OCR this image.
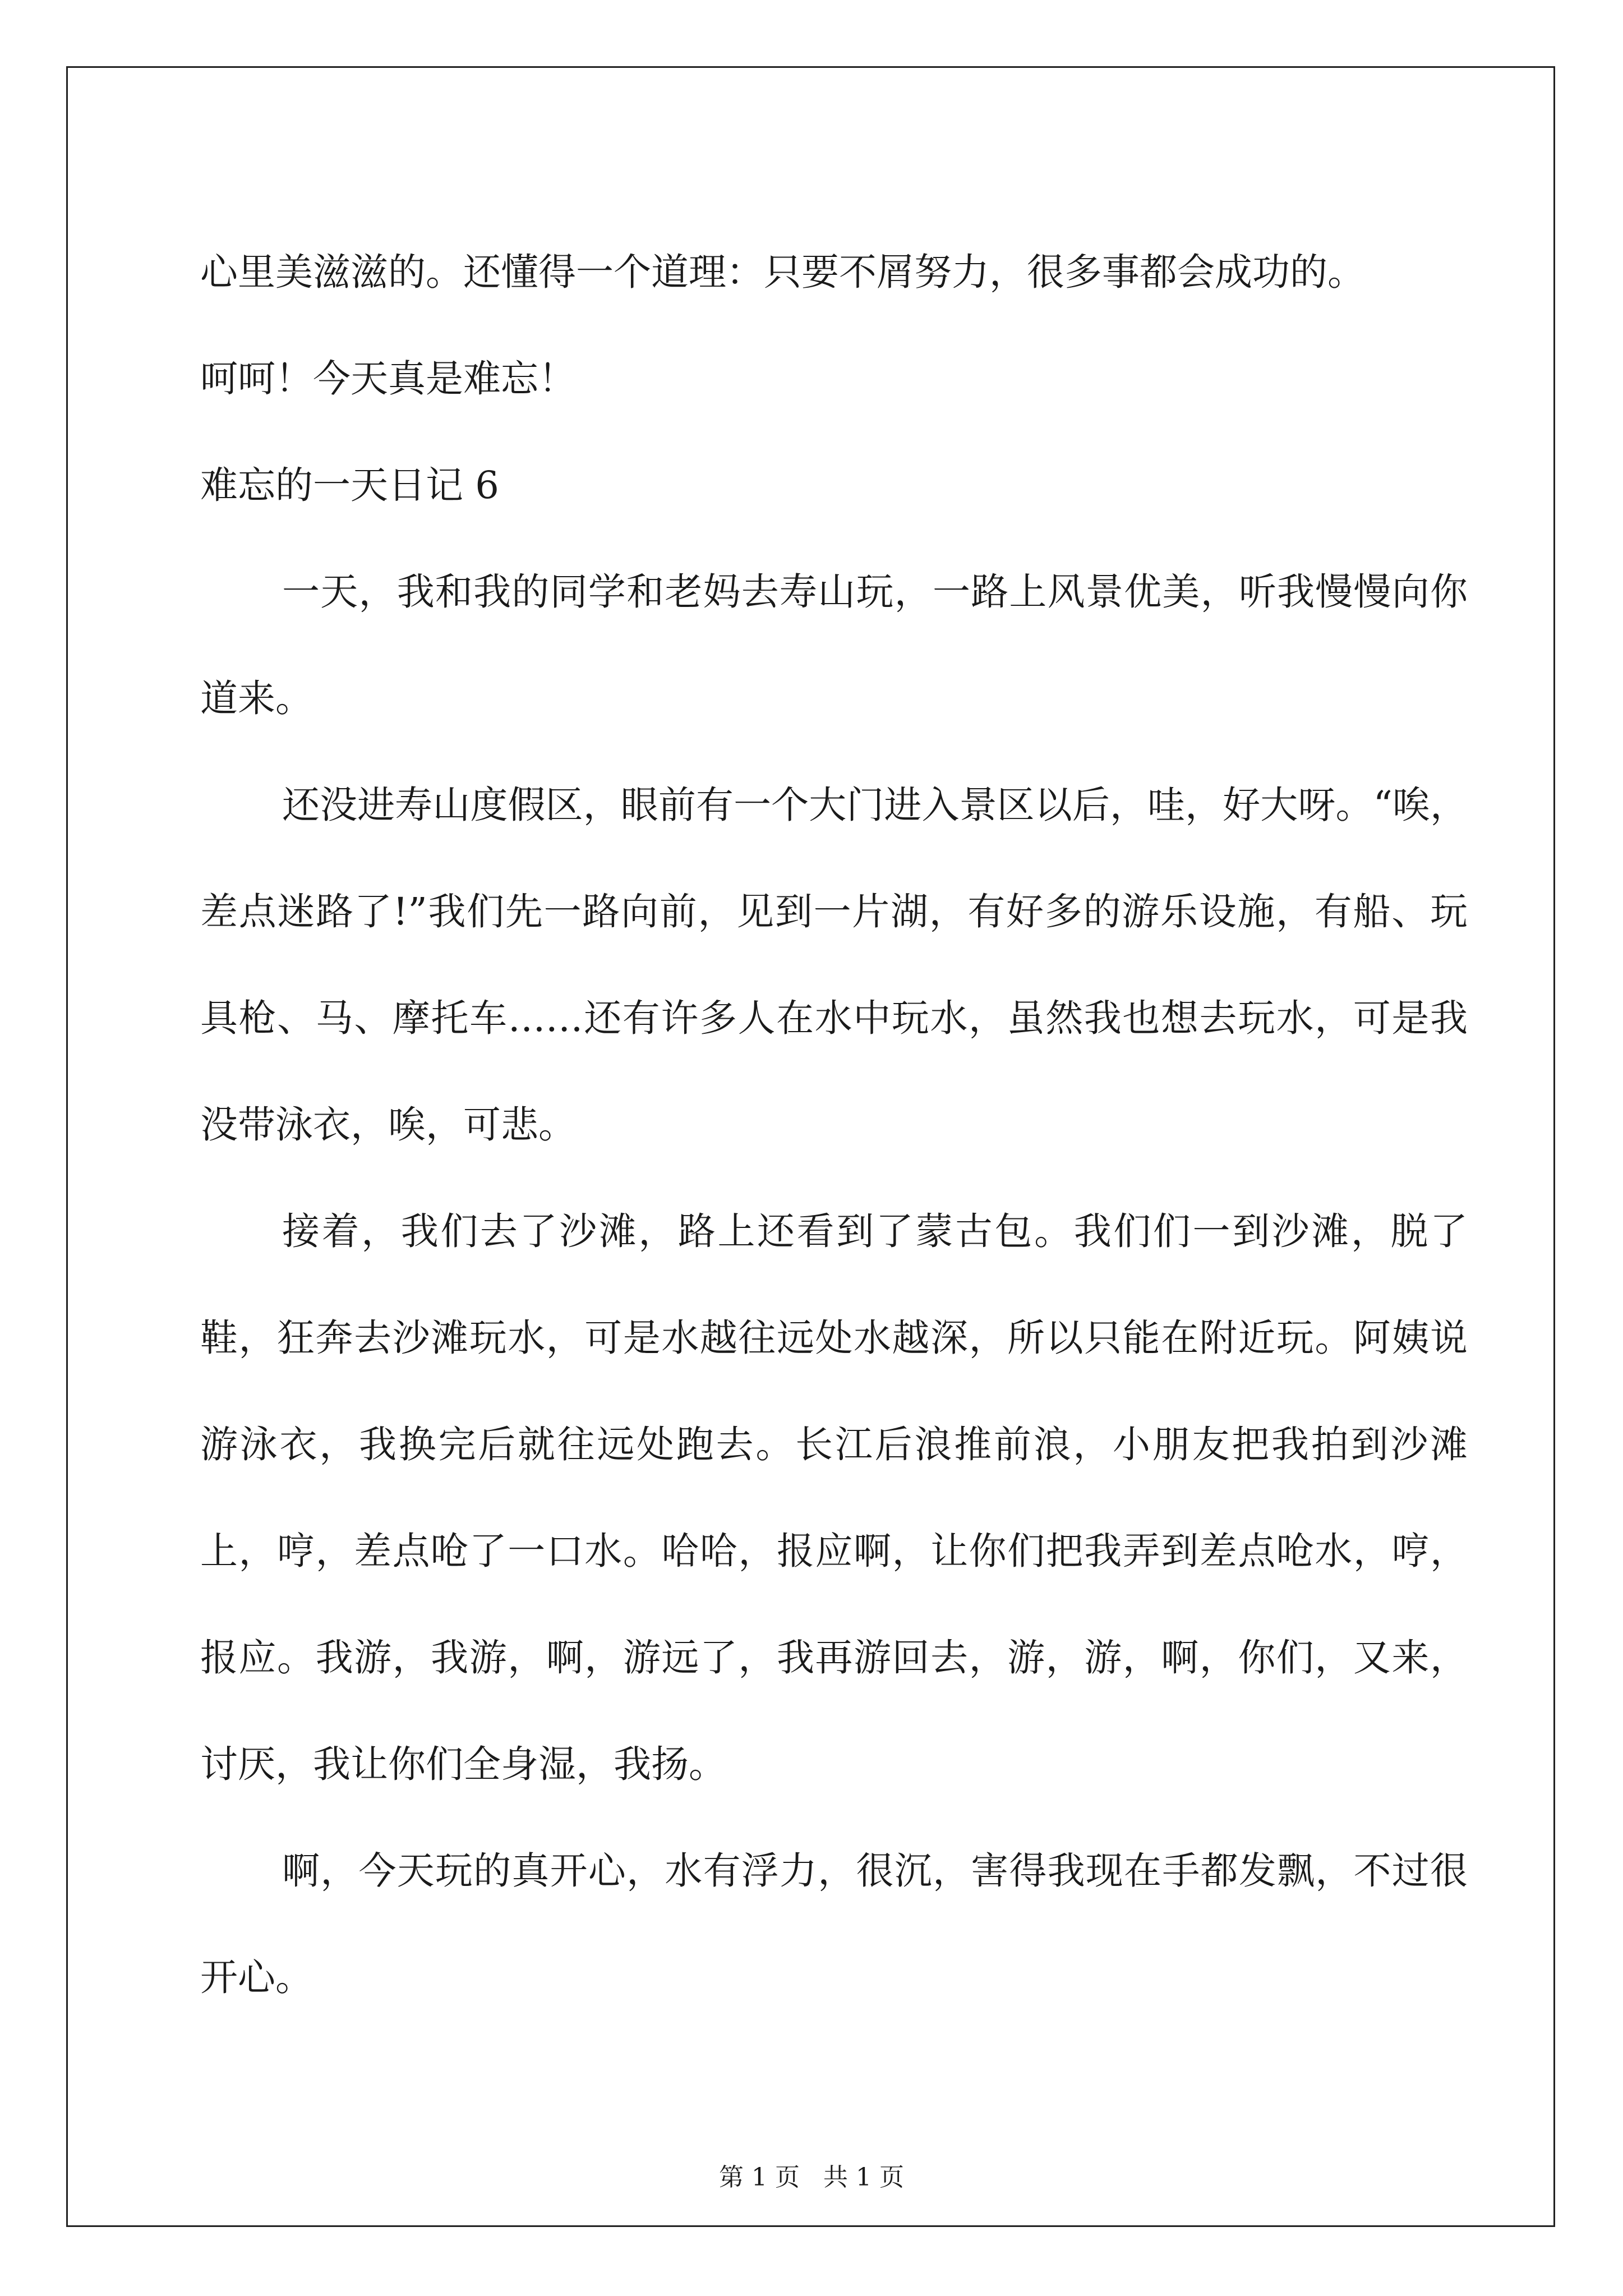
心里美滋滋的。还懂得一个道理：只要不屑努力，很多事都会成功的。

呵呵！今天真是难忘！

难忘的一天日记 6

一天，我和我的同学和老妈去寿山玩，一路上风景优美，听我慢慢向你道来。

还没进寿山度假区，眼前有一个大门进入景区以后，哇，好大呀。“唉，差点迷路了!”我们先一路向前，见到一片湖，有好多的游乐设施，有船、玩具枪、马、摩托车……还有许多人在水中玩水，虽然我也想去玩水，可是我没带泳衣，唉，可悲。

接着，我们去了沙滩，路上还看到了蒙古包。我们们一到沙滩，脱了鞋，狂奔去沙滩玩水，可是水越往远处水越深，所以只能在附近玩。阿姨说游泳衣，我换完后就往远处跑去。长江后浪推前浪，小朋友把我拍到沙滩上，哼，差点呛了一口水。哈哈，报应啊，让你们把我弄到差点呛水，哼，报应。我游，我游，啊，游远了，我再游回去，游，游，啊，你们，又来，讨厌，我让你们全身湿，我扬。

啊，今天玩的真开心，水有浮力，很沉，害得我现在手都发飘，不过很开心。

第 1 页   共 1 页
